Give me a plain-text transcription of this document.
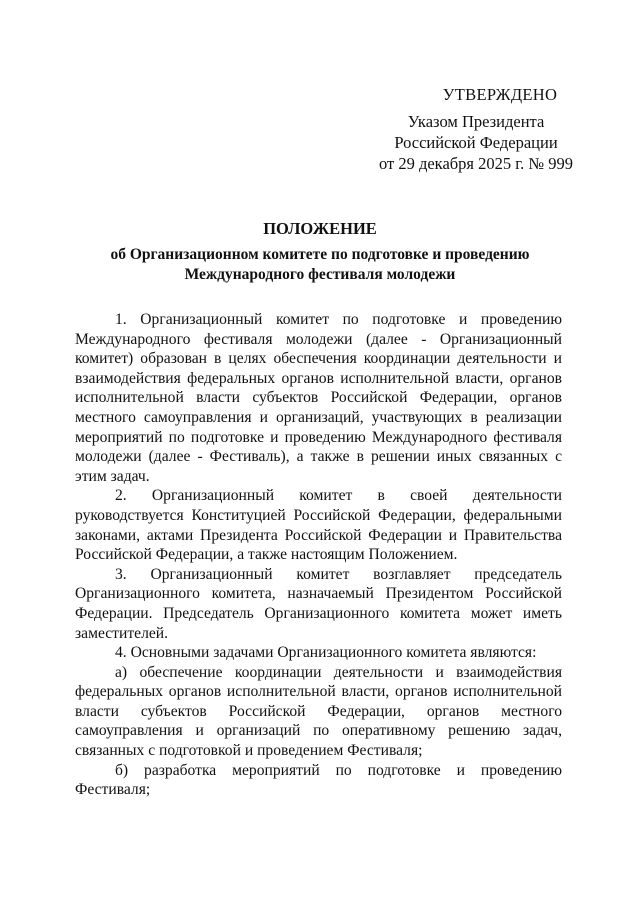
УТВЕРЖДЕНО
Указом Президента
Российской Федерации
от 29 декабря 2025 г. № 999
ПОЛОЖЕНИЕ
об Организационном комитете по подготовке и проведению Международного фестиваля молодежи

1. Организационный комитет по подготовке и проведению Международного фестиваля молодежи (далее - Организационный комитет) образован в целях обеспечения координации деятельности и взаимодействия федеральных органов исполнительной власти, органов исполнительной власти субъектов Российской Федерации, органов местного самоуправления и организаций, участвующих в реализации мероприятий по подготовке и проведению Международного фестиваля молодежи (далее - Фестиваль), а также в решении иных связанных с этим задач.

2. Организационный комитет в своей деятельности руководствуется Конституцией Российской Федерации, федеральными законами, актами Президента Российской Федерации и Правительства Российской Федерации, а также настоящим Положением.

3. Организационный комитет возглавляет председатель Организационного комитета, назначаемый Президентом Российской Федерации. Председатель Организационного комитета может иметь заместителей.

4. Основными задачами Организационного комитета являются:

а) обеспечение координации деятельности и взаимодействия федеральных органов исполнительной власти, органов исполнительной власти субъектов Российской Федерации, органов местного самоуправления и организаций по оперативному решению задач, связанных с подготовкой и проведением Фестиваля;

б) разработка мероприятий по подготовке и проведению Фестиваля;
